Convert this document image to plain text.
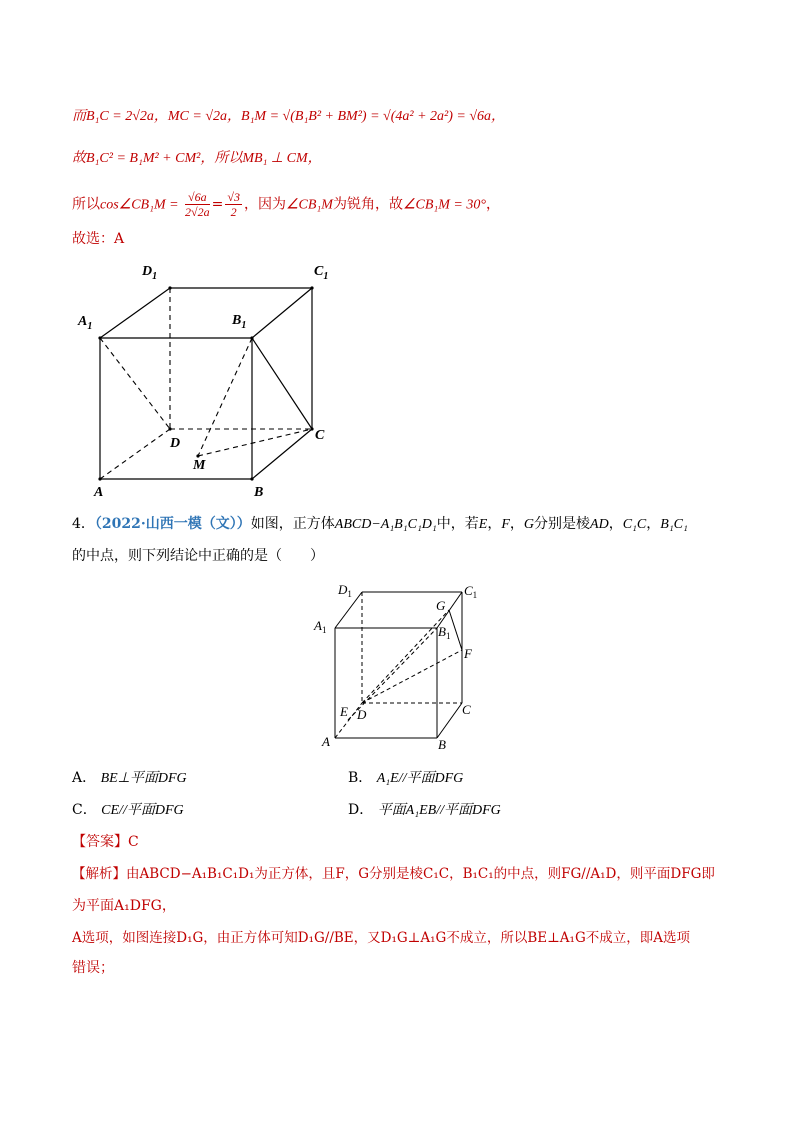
而B₁C = 2√2a，MC = √2a，B₁M = √(B₁B² + BM²) = √(4a² + 2a²) = √6a，
故B₁C² = B₁M² + CM²，所以MB₁ ⊥ CM，
所以cos∠CB₁M = $\frac{√6a}{2√2a} = \frac{√3}{2}$ ，因为∠CB₁M为锐角，故∠CB₁M = 30°，
故选：A
$D_1$	$C_1$
$A_1$	$B_1$
D
C
M
A	B
4．（2022·山西一模（文））如图，正方体ABCD−A₁B₁C₁D₁中，若E，F，G分别是棱AD，C₁C，B₁C₁
的中点，则下列结论中正确的是（　　）
$D_1$	$C_1$
$A_1$	$B_1$
G
F
E D	C
A	B
A． BE⊥平面DFG	B． A₁E//平面DFG
C． CE//平面DFG	D． 平面A₁EB//平面DFG
【答案】C
【解析】由ABCD−A₁B₁C₁D₁为正方体，且F，G分别是棱C₁C，B₁C₁的中点，则FG//A₁D，则平面DFG即
为平面A₁DFG，
A选项，如图连接D₁G，由正方体可知D₁G//BE，又D₁G⊥A₁G不成立，所以BE⊥A₁G不成立，即A选项
错误；
